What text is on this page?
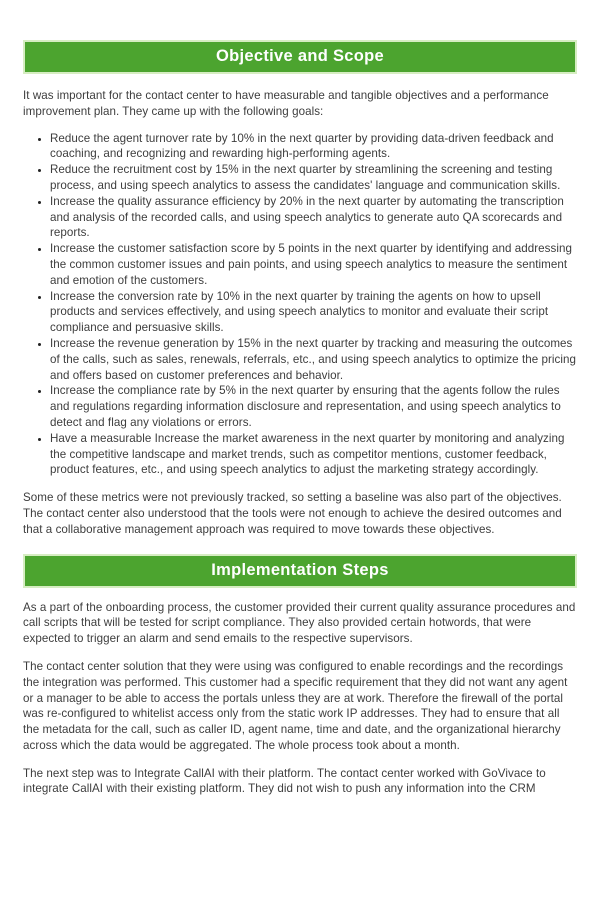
Objective and Scope

It was important for the contact center to have measurable and tangible objectives and a performance improvement plan. They came up with the following goals:

• Reduce the agent turnover rate by 10% in the next quarter by providing data-driven feedback and coaching, and recognizing and rewarding high-performing agents.
• Reduce the recruitment cost by 15% in the next quarter by streamlining the screening and testing process, and using speech analytics to assess the candidates' language and communication skills.
• Increase the quality assurance efficiency by 20% in the next quarter by automating the transcription and analysis of the recorded calls, and using speech analytics to generate auto QA scorecards and reports.
• Increase the customer satisfaction score by 5 points in the next quarter by identifying and addressing the common customer issues and pain points, and using speech analytics to measure the sentiment and emotion of the customers.
• Increase the conversion rate by 10% in the next quarter by training the agents on how to upsell products and services effectively, and using speech analytics to monitor and evaluate their script compliance and persuasive skills.
• Increase the revenue generation by 15% in the next quarter by tracking and measuring the outcomes of the calls, such as sales, renewals, referrals, etc., and using speech analytics to optimize the pricing and offers based on customer preferences and behavior.
• Increase the compliance rate by 5% in the next quarter by ensuring that the agents follow the rules and regulations regarding information disclosure and representation, and using speech analytics to detect and flag any violations or errors.
• Have a measurable Increase the market awareness in the next quarter by monitoring and analyzing the competitive landscape and market trends, such as competitor mentions, customer feedback, product features, etc., and using speech analytics to adjust the marketing strategy accordingly.

Some of these metrics were not previously tracked, so setting a baseline was also part of the objectives. The contact center also understood that the tools were not enough to achieve the desired outcomes and that a collaborative management approach was required to move towards these objectives.

Implementation Steps

As a part of the onboarding process, the customer provided their current quality assurance procedures and call scripts that will be tested for script compliance. They also provided certain hotwords, that were expected to trigger an alarm and send emails to the respective supervisors.

The contact center solution that they were using was configured to enable recordings and the recordings the integration was performed. This customer had a specific requirement that they did not want any agent or a manager to be able to access the portals unless they are at work. Therefore the firewall of the portal was re-configured to whitelist access only from the static work IP addresses. They had to ensure that all the metadata for the call, such as caller ID, agent name, time and date, and the organizational hierarchy across which the data would be aggregated. The whole process took about a month.

The next step was to Integrate CallAI with their platform. The contact center worked with GoVivace to integrate CallAI with their existing platform. They did not wish to push any information into the CRM
